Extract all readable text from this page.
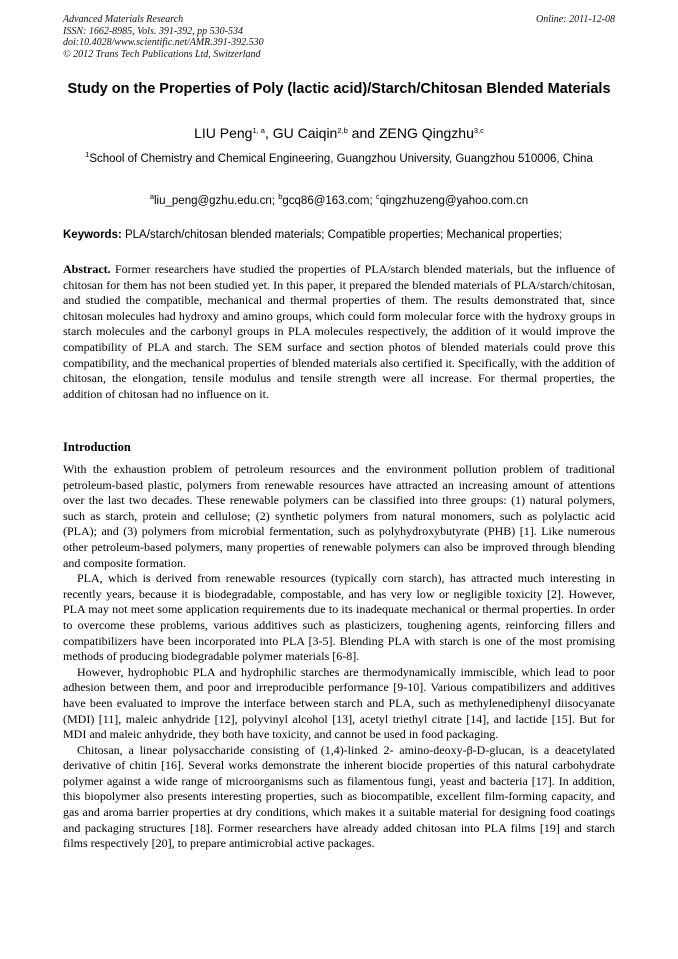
Advanced Materials Research
ISSN: 1662-8985, Vols. 391-392, pp 530-534
doi:10.4028/www.scientific.net/AMR.391-392.530
© 2012 Trans Tech Publications Ltd, Switzerland
Online: 2011-12-08
Study on the Properties of Poly (lactic acid)/Starch/Chitosan Blended Materials
LIU Peng$^{1, a}$, GU Caiqin$^{2,b}$ and ZENG Qingzhu$^{3,c}$
$^1$School of Chemistry and Chemical Engineering, Guangzhou University, Guangzhou 510006, China
$^a$liu_peng@gzhu.edu.cn; $^b$gcq86@163.com; $^c$qingzhuzeng@yahoo.com.cn
Keywords: PLA/starch/chitosan blended materials; Compatible properties; Mechanical properties;
Abstract. Former researchers have studied the properties of PLA/starch blended materials, but the influence of chitosan for them has not been studied yet. In this paper, it prepared the blended materials of PLA/starch/chitosan, and studied the compatible, mechanical and thermal properties of them. The results demonstrated that, since chitosan molecules had hydroxy and amino groups, which could form molecular force with the hydroxy groups in starch molecules and the carbonyl groups in PLA molecules respectively, the addition of it would improve the compatibility of PLA and starch. The SEM surface and section photos of blended materials could prove this compatibility, and the mechanical properties of blended materials also certified it. Specifically, with the addition of chitosan, the elongation, tensile modulus and tensile strength were all increase. For thermal properties, the addition of chitosan had no influence on it.
Introduction

With the exhaustion problem of petroleum resources and the environment pollution problem of traditional petroleum-based plastic, polymers from renewable resources have attracted an increasing amount of attentions over the last two decades. These renewable polymers can be classified into three groups: (1) natural polymers, such as starch, protein and cellulose; (2) synthetic polymers from natural monomers, such as polylactic acid (PLA); and (3) polymers from microbial fermentation, such as polyhydroxybutyrate (PHB) [1]. Like numerous other petroleum-based polymers, many properties of renewable polymers can also be improved through blending and composite formation.

PLA, which is derived from renewable resources (typically corn starch), has attracted much interesting in recently years, because it is biodegradable, compostable, and has very low or negligible toxicity [2]. However, PLA may not meet some application requirements due to its inadequate mechanical or thermal properties. In order to overcome these problems, various additives such as plasticizers, toughening agents, reinforcing fillers and compatibilizers have been incorporated into PLA [3-5]. Blending PLA with starch is one of the most promising methods of producing biodegradable polymer materials [6-8].

However, hydrophobic PLA and hydrophilic starches are thermodynamically immiscible, which lead to poor adhesion between them, and poor and irreproducible performance [9-10]. Various compatibilizers and additives have been evaluated to improve the interface between starch and PLA, such as methylenediphenyl diisocyanate (MDI) [11], maleic anhydride [12], polyvinyl alcohol [13], acetyl triethyl citrate [14], and lactide [15]. But for MDI and maleic anhydride, they both have toxicity, and cannot be used in food packaging.

Chitosan, a linear polysaccharide consisting of (1,4)-linked 2- amino-deoxy-β-D-glucan, is a deacetylated derivative of chitin [16]. Several works demonstrate the inherent biocide properties of this natural carbohydrate polymer against a wide range of microorganisms such as filamentous fungi, yeast and bacteria [17]. In addition, this biopolymer also presents interesting properties, such as biocompatible, excellent film-forming capacity, and gas and aroma barrier properties at dry conditions, which makes it a suitable material for designing food coatings and packaging structures [18]. Former researchers have already added chitosan into PLA films [19] and starch films respectively [20], to prepare antimicrobial active packages.
